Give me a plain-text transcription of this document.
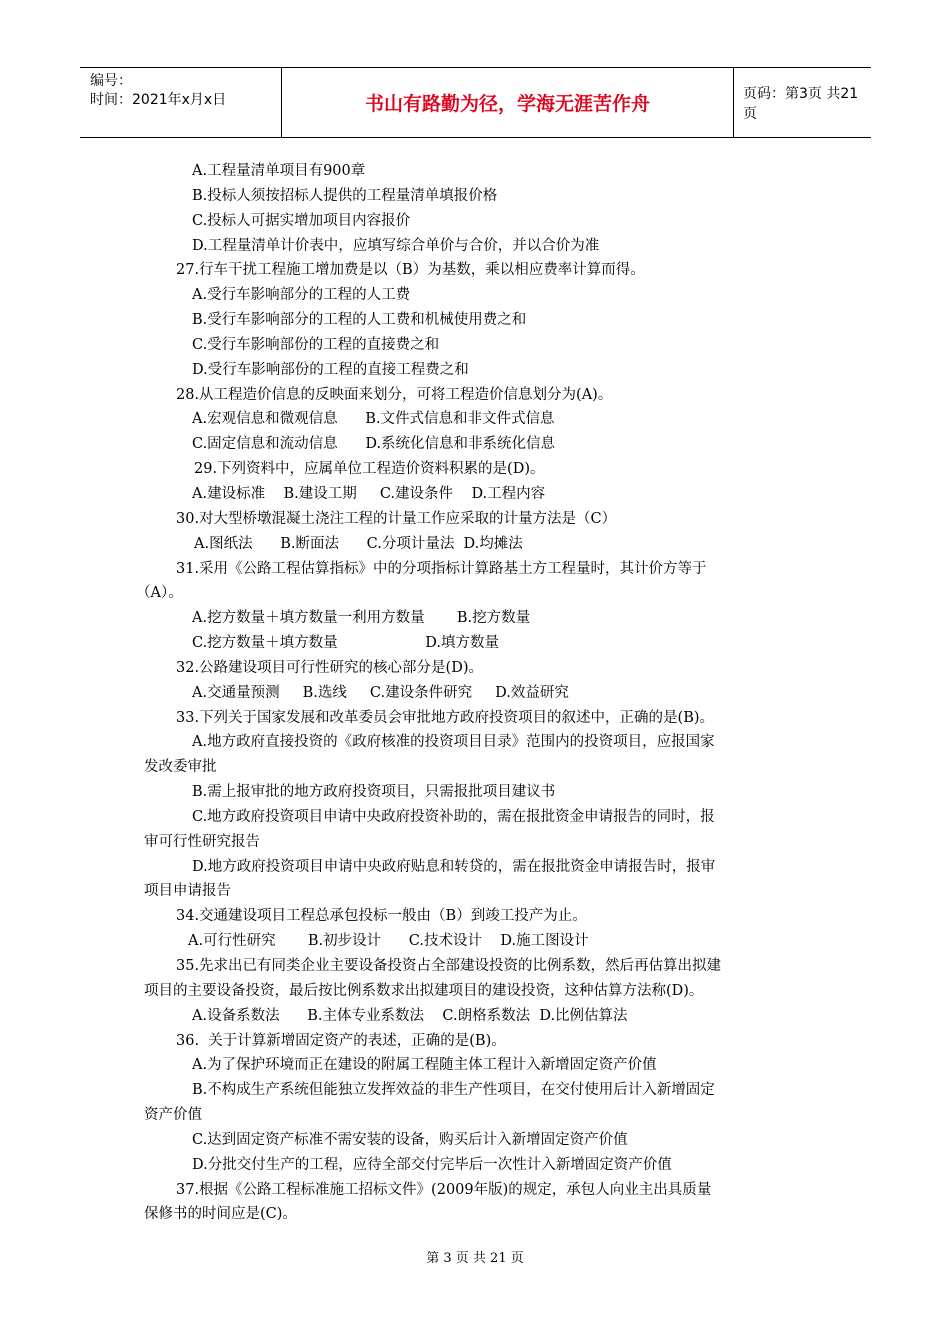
编号：
时间：2021年x月x日	书山有路勤为径，学海无涯苦作舟	页码：第3页 共21页
A.工程量清单项目有900章
B.投标人须按招标人提供的工程量清单填报价格
C.投标人可据实增加项目内容报价
D.工程量清单计价表中，应填写综合单价与合价，并以合价为准
27.行车干扰工程施工增加费是以（B）为基数，乘以相应费率计算而得。
A.受行车影响部分的工程的人工费
B.受行车影响部分的工程的人工费和机械使用费之和
C.受行车影响部份的工程的直接费之和
D.受行车影响部份的工程的直接工程费之和
28.从工程造价信息的反映面来划分，可将工程造价信息划分为(A)。
A.宏观信息和微观信息      B.文件式信息和非文件式信息
C.固定信息和流动信息      D.系统化信息和非系统化信息
29.下列资料中，应属单位工程造价资料积累的是(D)。
A.建设标准    B.建设工期     C.建设条件    D.工程内容
30.对大型桥墩混凝土浇注工程的计量工作应采取的计量方法是（C）
A.图纸法      B.断面法      C.分项计量法  D.均摊法
31.采用《公路工程估算指标》中的分项指标计算路基土方工程量时，其计价方等于
（A）。
A.挖方数量＋填方数量一利用方数量       B.挖方数量
C.挖方数量＋填方数量                   D.填方数量
32.公路建设项目可行性研究的核心部分是(D)。
A.交通量预测     B.选线     C.建设条件研究     D.效益研究
33.下列关于国家发展和改革委员会审批地方政府投资项目的叙述中，正确的是(B)。
A.地方政府直接投资的《政府核准的投资项目目录》范围内的投资项目，应报国家
发改委审批
B.需上报审批的地方政府投资项目，只需报批项目建议书
C.地方政府投资项目申请中央政府投资补助的，需在报批资金申请报告的同时，报
审可行性研究报告
D.地方政府投资项目申请中央政府贴息和转贷的，需在报批资金申请报告时，报审
项目申请报告
34.交通建设项目工程总承包投标一般由（B）到竣工投产为止。
A.可行性研究       B.初步设计      C.技术设计    D.施工图设计
35.先求出已有同类企业主要设备投资占全部建设投资的比例系数，然后再估算出拟建
项目的主要设备投资，最后按比例系数求出拟建项目的建设投资，这种估算方法称(D)。
A.设备系数法      B.主体专业系数法    C.朗格系数法  D.比例估算法
36.  关于计算新增固定资产的表述，正确的是(B)。
A.为了保护环境而正在建设的附属工程随主体工程计入新增固定资产价值
B.不构成生产系统但能独立发挥效益的非生产性项目，在交付使用后计入新增固定
资产价值
C.达到固定资产标准不需安装的设备，购买后计入新增固定资产价值
D.分批交付生产的工程，应待全部交付完毕后一次性计入新增固定资产价值
37.根据《公路工程标准施工招标文件》(2009年版)的规定，承包人向业主出具质量
保修书的时间应是(C)。
第 3 页 共 21 页
